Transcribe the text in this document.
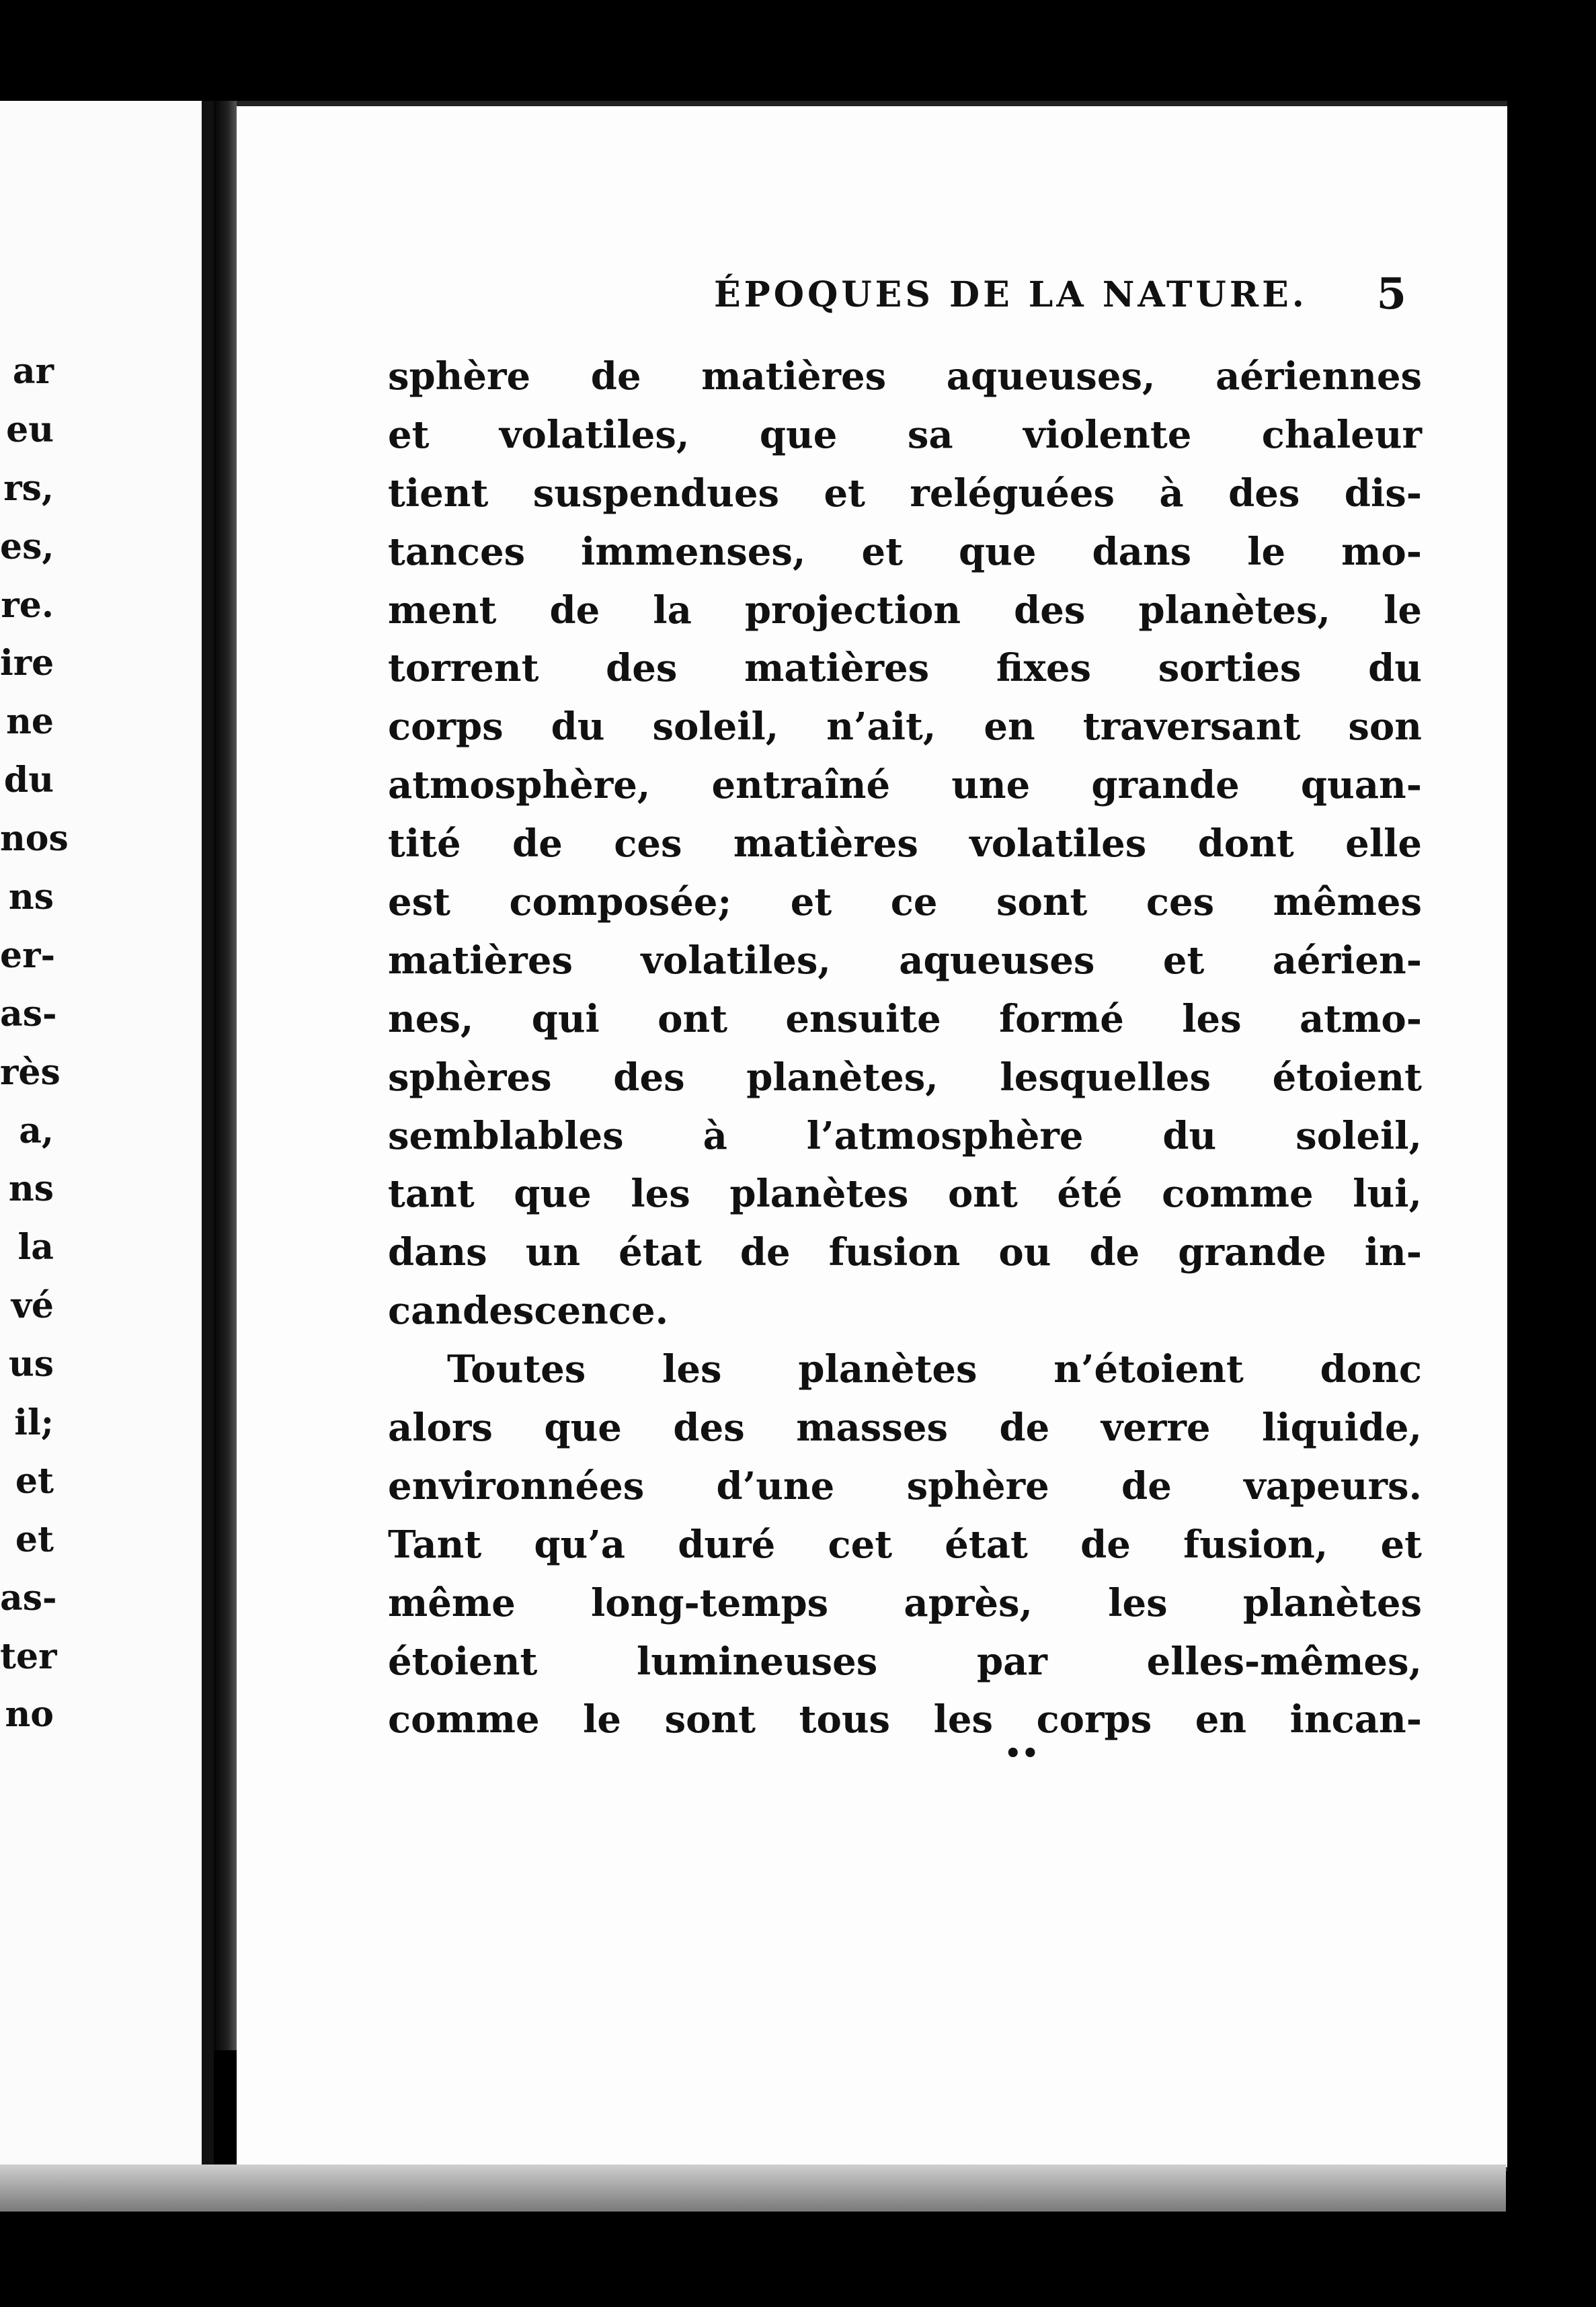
ar
eu
rs,
es,
re.
ire
ne
du
nos
ns
er-
as-
rès
a,
ns
la
vé
us
il;
et
et
as-
ter
no
ÉPOQUES DE LA NATURE. 5
sphère de matières aqueuses, aériennes
et volatiles, que sa violente chaleur
tient suspendues et reléguées à des dis-
tances immenses, et que dans le mo-
ment de la projection des planètes, le
torrent des matières fixes sorties du
corps du soleil, n’ait, en traversant son
atmosphère, entraîné une grande quan-
tité de ces matières volatiles dont elle
est composée; et ce sont ces mêmes
matières volatiles, aqueuses et aérien-
nes, qui ont ensuite formé les atmo-
sphères des planètes, lesquelles étoient
semblables à l’atmosphère du soleil,
tant que les planètes ont été comme lui,
dans un état de fusion ou de grande in-
candescence.
Toutes les planètes n’étoient donc
alors que des masses de verre liquide,
environnées d’une sphère de vapeurs.
Tant qu’a duré cet état de fusion, et
même long-temps après, les planètes
étoient lumineuses par elles-mêmes,
comme le sont tous les corps en incan-
••
